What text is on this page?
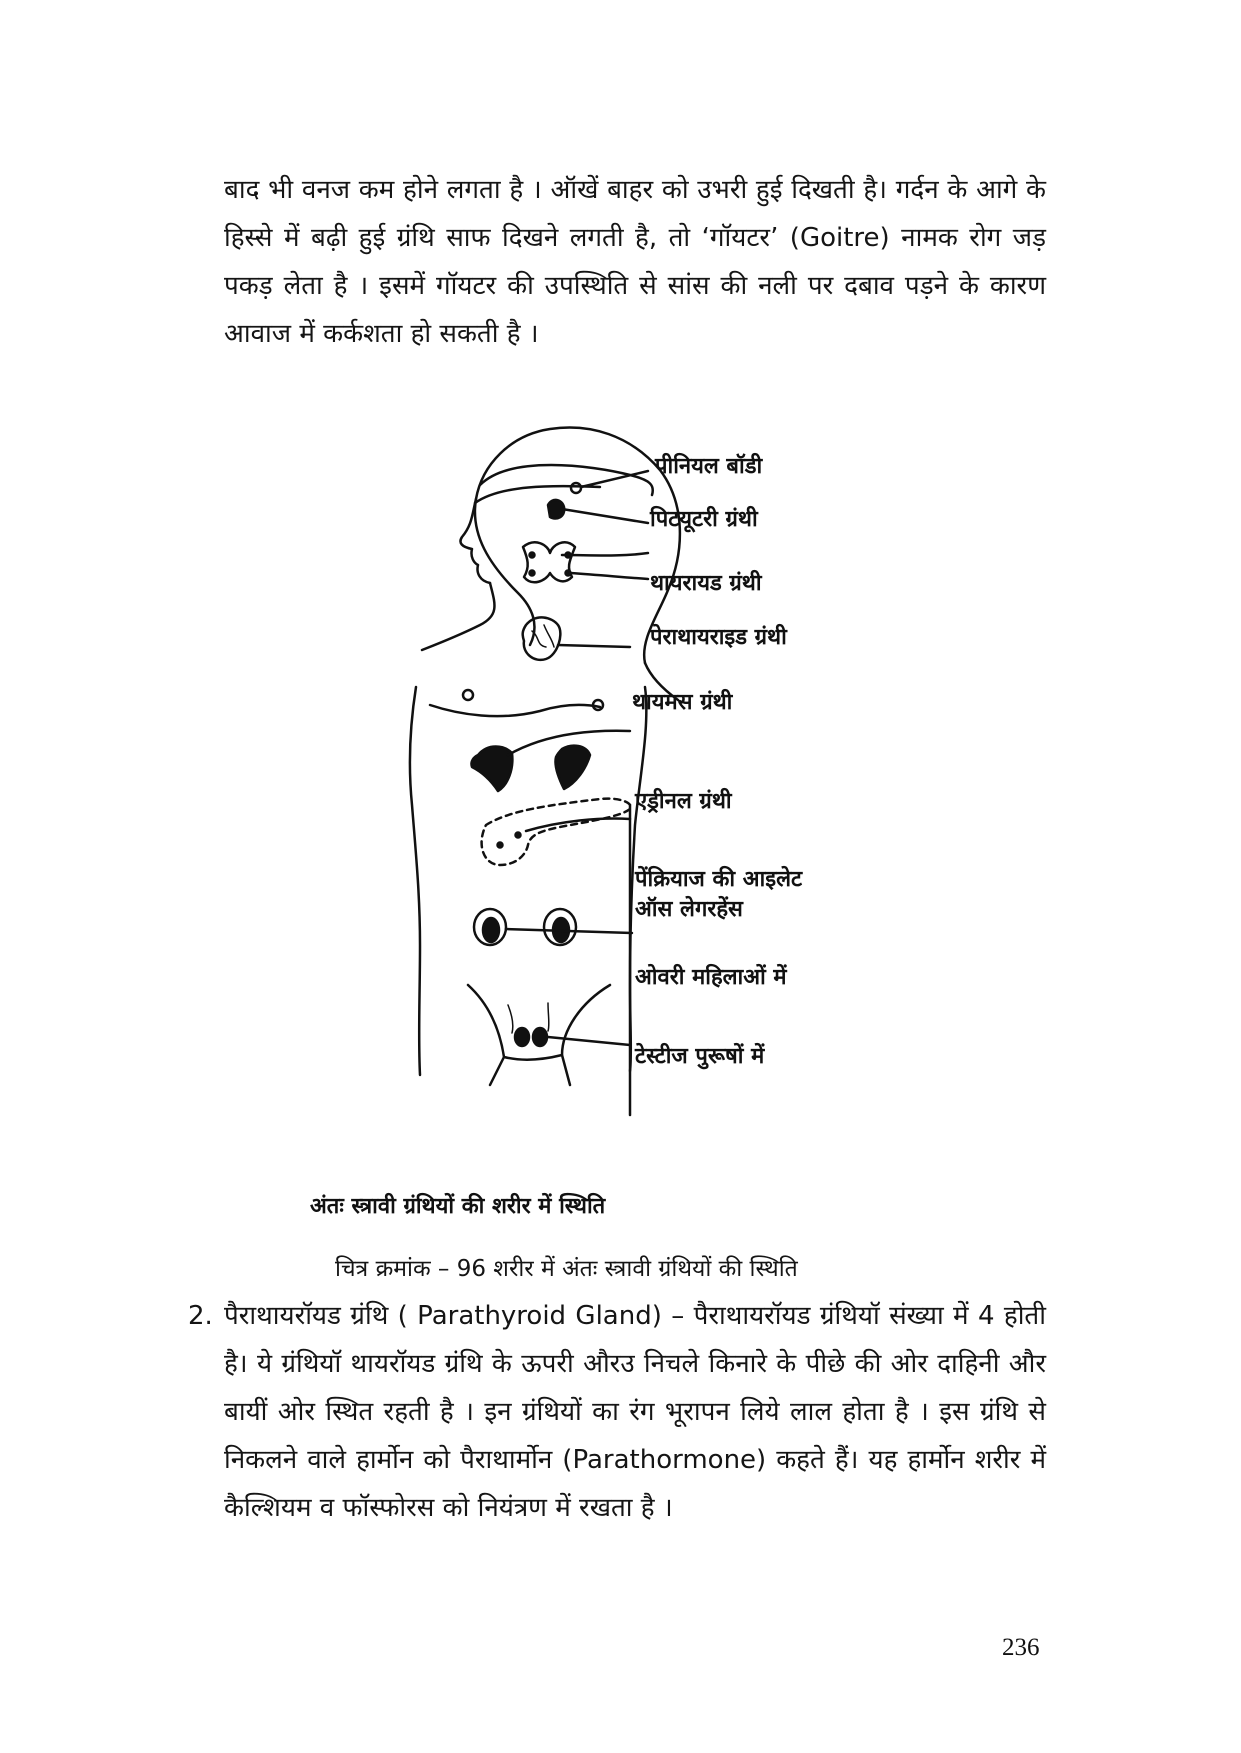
बाद भी वनज कम होने लगता है । ऑखें बाहर को उभरी हुई दिखती है। गर्दन के आगे के हिस्से में बढ़ी हुई ग्रंथि साफ दिखने लगती है, तो ‘गॉयटर’ (Goitre) नामक रोग जड़ पकड़ लेता है । इसमें गॉयटर की उपस्थिति से सांस की नली पर दबाव पड़ने के कारण आवाज में कर्कशता हो सकती है ।

पीनियल बॉडी
पिटयूटरी ग्रंथी
थायरायड ग्रंथी
पेराथायराइड ग्रंथी
थायमस ग्रंथी
एड्रीनल ग्रंथी
पेंक्रियाज की आइलेट
ऑस लेगरहेंस
ओवरी महिलाओं में
टेस्टीज पुरूषों में
अंतः स्त्रावी ग्रंथियों की शरीर में स्थिति
चित्र क्रमांक – 96 शरीर में अंतः स्त्रावी ग्रंथियों की स्थिति
2. पैराथायरॉयड ग्रंथि ( Parathyroid Gland) – पैराथायरॉयड ग्रंथियॉ संख्या में 4 होती है। ये ग्रंथियॉ थायरॉयड ग्रंथि के ऊपरी औरउ निचले किनारे के पीछे की ओर दाहिनी और बायीं ओर स्थित रहती है । इन ग्रंथियों का रंग भूरापन लिये लाल होता है । इस ग्रंथि से निकलने वाले हार्मोन को पैराथार्मोन (Parathormone) कहते हैं। यह हार्मोन शरीर में कैल्शियम व फॉस्फोरस को नियंत्रण में रखता है ।
236
